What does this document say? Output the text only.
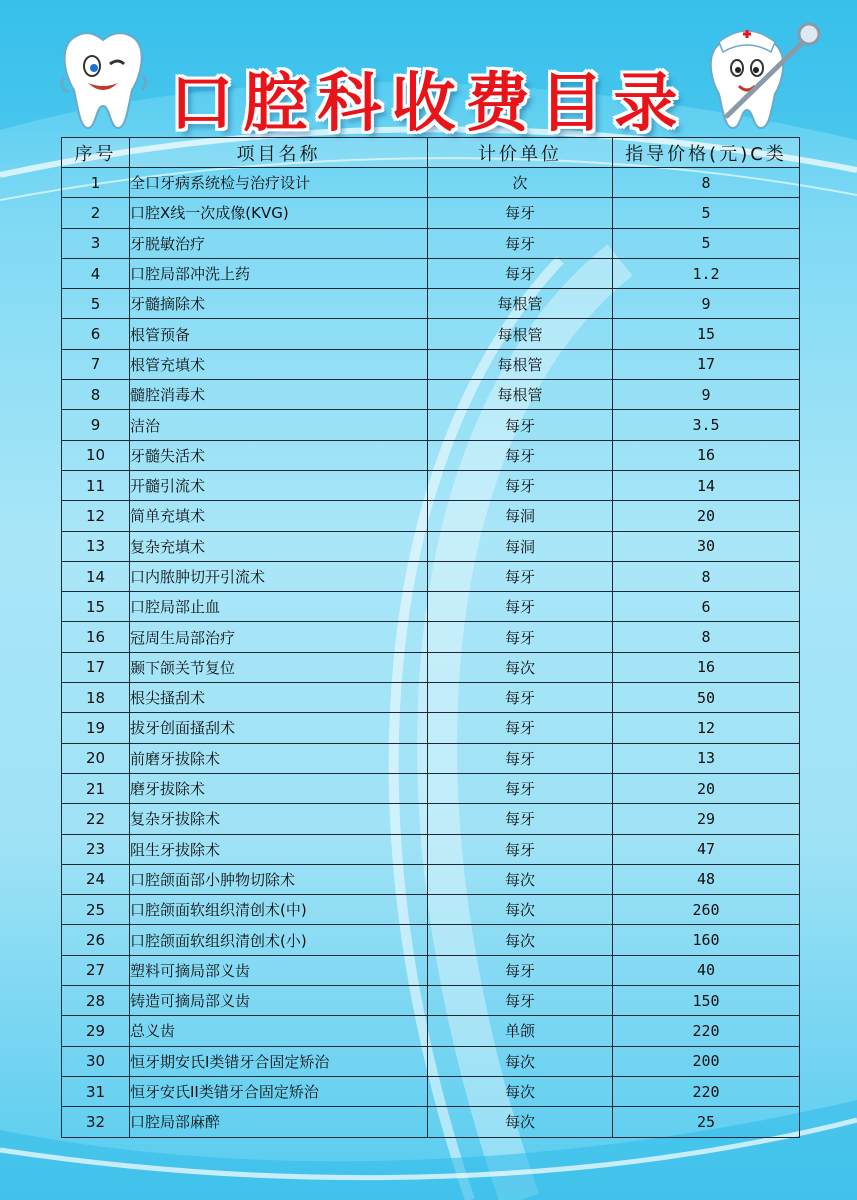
口腔科收费目录
序号	项目名称	计价单位	指导价格(元)C类
1	全口牙病系统检与治疗设计	次	8
2	口腔X线一次成像(KVG)	每牙	5
3	牙脱敏治疗	每牙	5
4	口腔局部冲洗上药	每牙	1.2
5	牙髓摘除术	每根管	9
6	根管预备	每根管	15
7	根管充填术	每根管	17
8	髓腔消毒术	每根管	9
9	洁治	每牙	3.5
10	牙髓失活术	每牙	16
11	开髓引流术	每牙	14
12	简单充填术	每洞	20
13	复杂充填术	每洞	30
14	口内脓肿切开引流术	每牙	8
15	口腔局部止血	每牙	6
16	冠周生局部治疗	每牙	8
17	颞下颌关节复位	每次	16
18	根尖搔刮术	每牙	50
19	拔牙创面搔刮术	每牙	12
20	前磨牙拔除术	每牙	13
21	磨牙拔除术	每牙	20
22	复杂牙拔除术	每牙	29
23	阻生牙拔除术	每牙	47
24	口腔颌面部小肿物切除术	每次	48
25	口腔颌面软组织清创术(中)	每次	260
26	口腔颌面软组织清创术(小)	每次	160
27	塑料可摘局部义齿	每牙	40
28	铸造可摘局部义齿	每牙	150
29	总义齿	单颌	220
30	恒牙期安氏I类错牙合固定矫治	每次	200
31	恒牙安氏II类错牙合固定矫治	每次	220
32	口腔局部麻醉	每次	25
